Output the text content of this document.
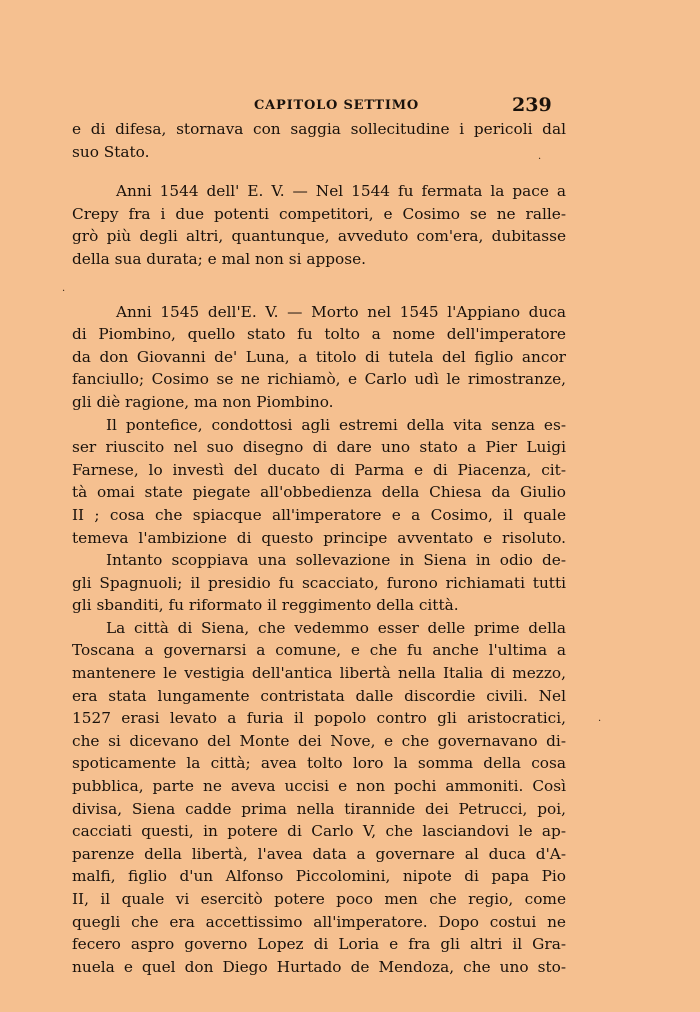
CAPITOLO SETTIMO	239
e di difesa, stornava con saggia sollecitudine i pericoli dal
suo Stato.
Anni 1544 dell' E. V. — Nel 1544 fu fermata la pace a
Crepy fra i due potenti competitori, e Cosimo se ne ralle-
grò più degli altri, quantunque, avveduto com'era, dubitasse
della sua durata; e mal non si appose.
Anni 1545 dell'E. V. — Morto nel 1545 l'Appiano duca
di Piombino, quello stato fu tolto a nome dell'imperatore
da don Giovanni de' Luna, a titolo di tutela del figlio ancor
fanciullo; Cosimo se ne richiamò, e Carlo udì le rimostranze,
gli diè ragione, ma non Piombino.
Il pontefice, condottosi agli estremi della vita senza es-
ser riuscito nel suo disegno di dare uno stato a Pier Luigi
Farnese, lo investì del ducato di Parma e di Piacenza, cit-
tà omai state piegate all'obbedienza della Chiesa da Giulio
II ; cosa che spiacque all'imperatore e a Cosimo, il quale
temeva l'ambizione di questo principe avventato e risoluto.
Intanto scoppiava una sollevazione in Siena in odio de-
gli Spagnuoli; il presidio fu scacciato, furono richiamati tutti
gli sbanditi, fu riformato il reggimento della città.
La città di Siena, che vedemmo esser delle prime della
Toscana a governarsi a comune, e che fu anche l'ultima a
mantenere le vestigia dell'antica libertà nella Italia di mezzo,
era stata lungamente contristata dalle discordie civili. Nel
1527 erasi levato a furia il popolo contro gli aristocratici,
che si dicevano del Monte dei Nove, e che governavano di-
spoticamente la città; avea tolto loro la somma della cosa
pubblica, parte ne aveva uccisi e non pochi ammoniti. Così
divisa, Siena cadde prima nella tirannide dei Petrucci, poi,
cacciati questi, in potere di Carlo V, che lasciandovi le ap-
parenze della libertà, l'avea data a governare al duca d'A-
malfi, figlio d'un Alfonso Piccolomini, nipote di papa Pio
II, il quale vi esercitò potere poco men che regio, come
quegli che era accettissimo all'imperatore. Dopo costui ne
fecero aspro governo Lopez di Loria e fra gli altri il Gra-
nuela e quel don Diego Hurtado de Mendoza, che uno sto-
·
·
·
